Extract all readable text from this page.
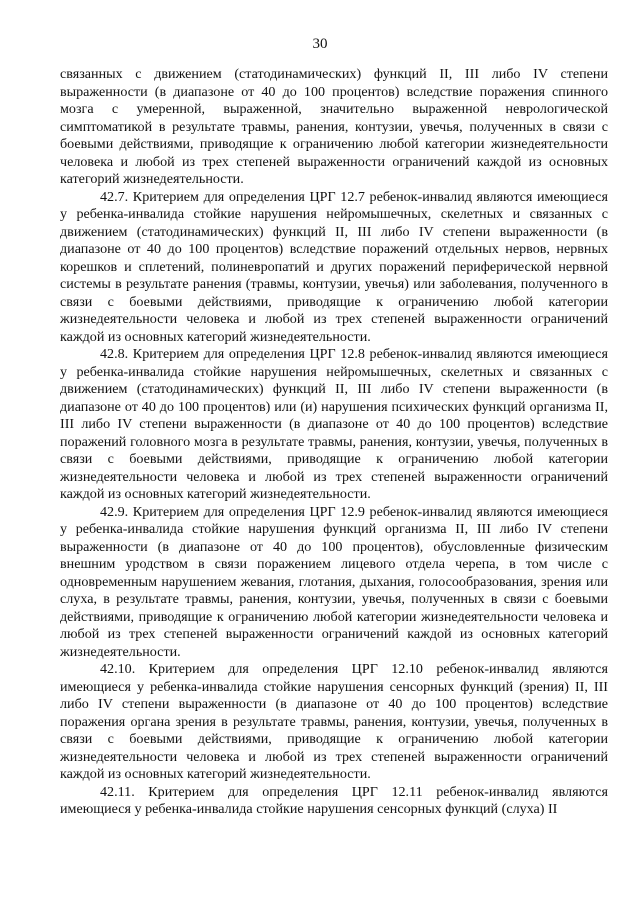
30

связанных с движением (статодинамических) функций II, III либо IV степени выраженности (в диапазоне от 40 до 100 процентов) вследствие поражения спинного мозга с умеренной, выраженной, значительно выраженной неврологической симптоматикой в результате травмы, ранения, контузии, увечья, полученных в связи с боевыми действиями, приводящие к ограничению любой категории жизнедеятельности человека и любой из трех степеней выраженности ограничений каждой из основных категорий жизнедеятельности.

42.7. Критерием для определения ЦРГ 12.7 ребенок-инвалид являются имеющиеся у ребенка-инвалида стойкие нарушения нейромышечных, скелетных и связанных с движением (статодинамических) функций II, III либо IV степени выраженности (в диапазоне от 40 до 100 процентов) вследствие поражений отдельных нервов, нервных корешков и сплетений, полиневропатий и других поражений периферической нервной системы в результате ранения (травмы, контузии, увечья) или заболевания, полученного в связи с боевыми действиями, приводящие к ограничению любой категории жизнедеятельности человека и любой из трех степеней выраженности ограничений каждой из основных категорий жизнедеятельности.

42.8. Критерием для определения ЦРГ 12.8 ребенок-инвалид являются имеющиеся у ребенка-инвалида стойкие нарушения нейромышечных, скелетных и связанных с движением (статодинамических) функций II, III либо IV степени выраженности (в диапазоне от 40 до 100 процентов) или (и) нарушения психических функций организма II, III либо IV степени выраженности (в диапазоне от 40 до 100 процентов) вследствие поражений головного мозга в результате травмы, ранения, контузии, увечья, полученных в связи с боевыми действиями, приводящие к ограничению любой категории жизнедеятельности человека и любой из трех степеней выраженности ограничений каждой из основных категорий жизнедеятельности.

42.9. Критерием для определения ЦРГ 12.9 ребенок-инвалид являются имеющиеся у ребенка-инвалида стойкие нарушения функций организма II, III либо IV степени выраженности (в диапазоне от 40 до 100 процентов), обусловленные физическим внешним уродством в связи поражением лицевого отдела черепа, в том числе с одновременным нарушением жевания, глотания, дыхания, голосообразования, зрения или слуха, в результате травмы, ранения, контузии, увечья, полученных в связи с боевыми действиями, приводящие к ограничению любой категории жизнедеятельности человека и любой из трех степеней выраженности ограничений каждой из основных категорий жизнедеятельности.

42.10. Критерием для определения ЦРГ 12.10 ребенок-инвалид являются имеющиеся у ребенка-инвалида стойкие нарушения сенсорных функций (зрения) II, III либо IV степени выраженности (в диапазоне от 40 до 100 процентов) вследствие поражения органа зрения в результате травмы, ранения, контузии, увечья, полученных в связи с боевыми действиями, приводящие к ограничению любой категории жизнедеятельности человека и любой из трех степеней выраженности ограничений каждой из основных категорий жизнедеятельности.

42.11. Критерием для определения ЦРГ 12.11 ребенок-инвалид являются имеющиеся у ребенка-инвалида стойкие нарушения сенсорных функций (слуха) II
